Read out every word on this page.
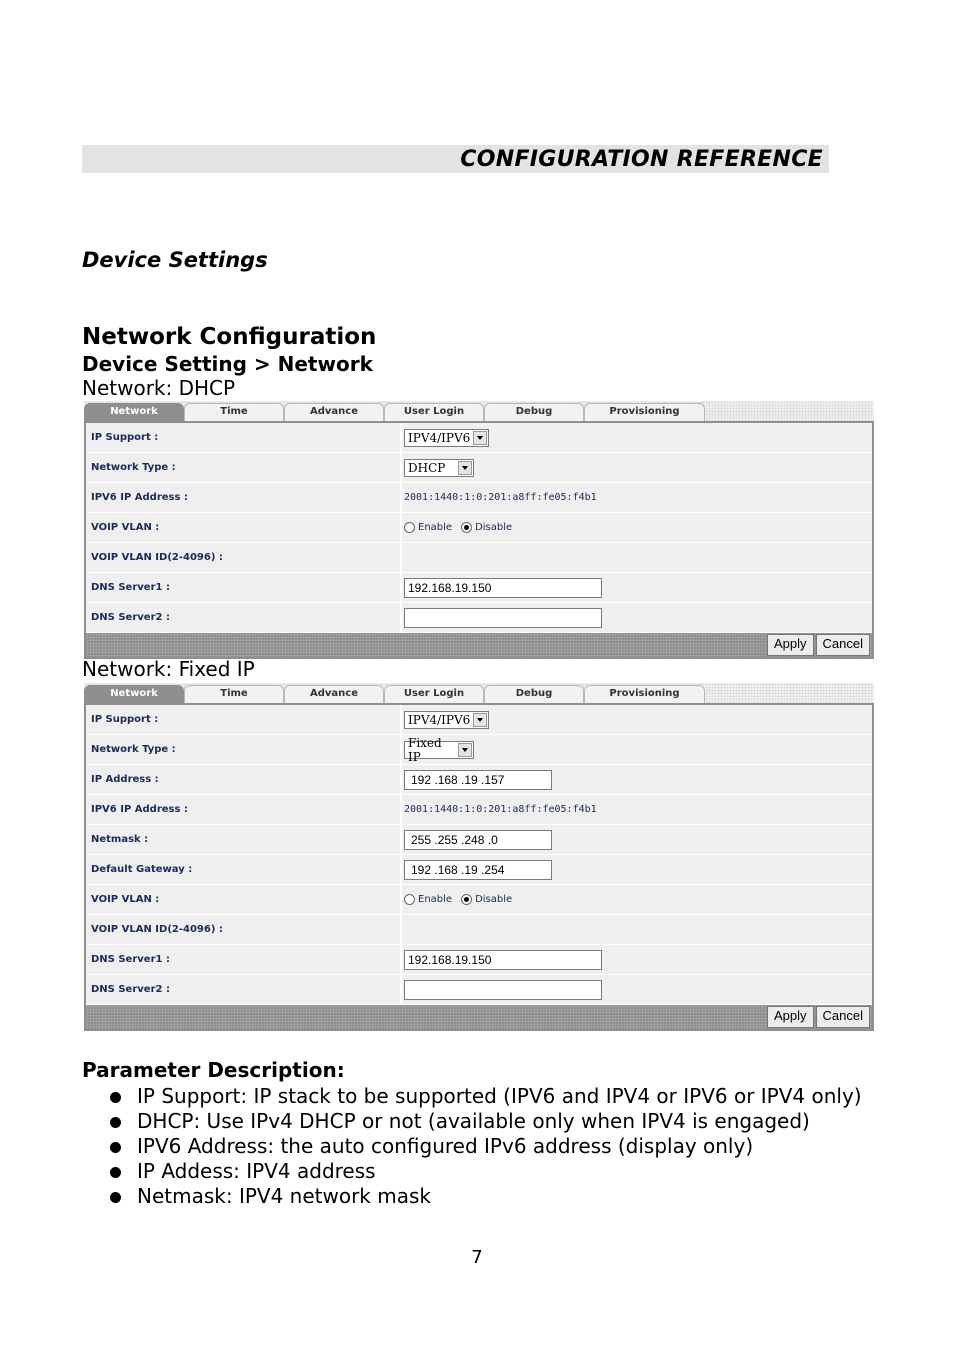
CONFIGURATION REFERENCE
Device Settings
Network Configuration
Device Setting > Network
Network: DHCP
Network	Time	Advance	User Login	Debug	Provisioning
IP Support :	IPV4/IPV6
Network Type :	DHCP
IPV6 IP Address :	2001:1440:1:0:201:a8ff:fe05:f4b1
VOIP VLAN :	Enable Disable
VOIP VLAN ID(2-4096) :
DNS Server1 :	192.168.19.150
DNS Server2 :
Apply	Cancel
Network: Fixed IP
Network	Time	Advance	User Login	Debug	Provisioning
IP Support :	IPV4/IPV6
Network Type :	Fixed IP
IP Address :	192 .168 .19 .157
IPV6 IP Address :	2001:1440:1:0:201:a8ff:fe05:f4b1
Netmask :	255 .255 .248 .0
Default Gateway :	192 .168 .19 .254
VOIP VLAN :	Enable Disable
VOIP VLAN ID(2-4096) :
DNS Server1 :	192.168.19.150
DNS Server2 :
Apply	Cancel
Parameter Description:
IP Support: IP stack to be supported (IPV6 and IPV4 or IPV6 or IPV4 only)
DHCP: Use IPv4 DHCP or not (available only when IPV4 is engaged)
IPV6 Address: the auto configured IPv6 address (display only)
IP Addess: IPV4 address
Netmask: IPV4 network mask
7
